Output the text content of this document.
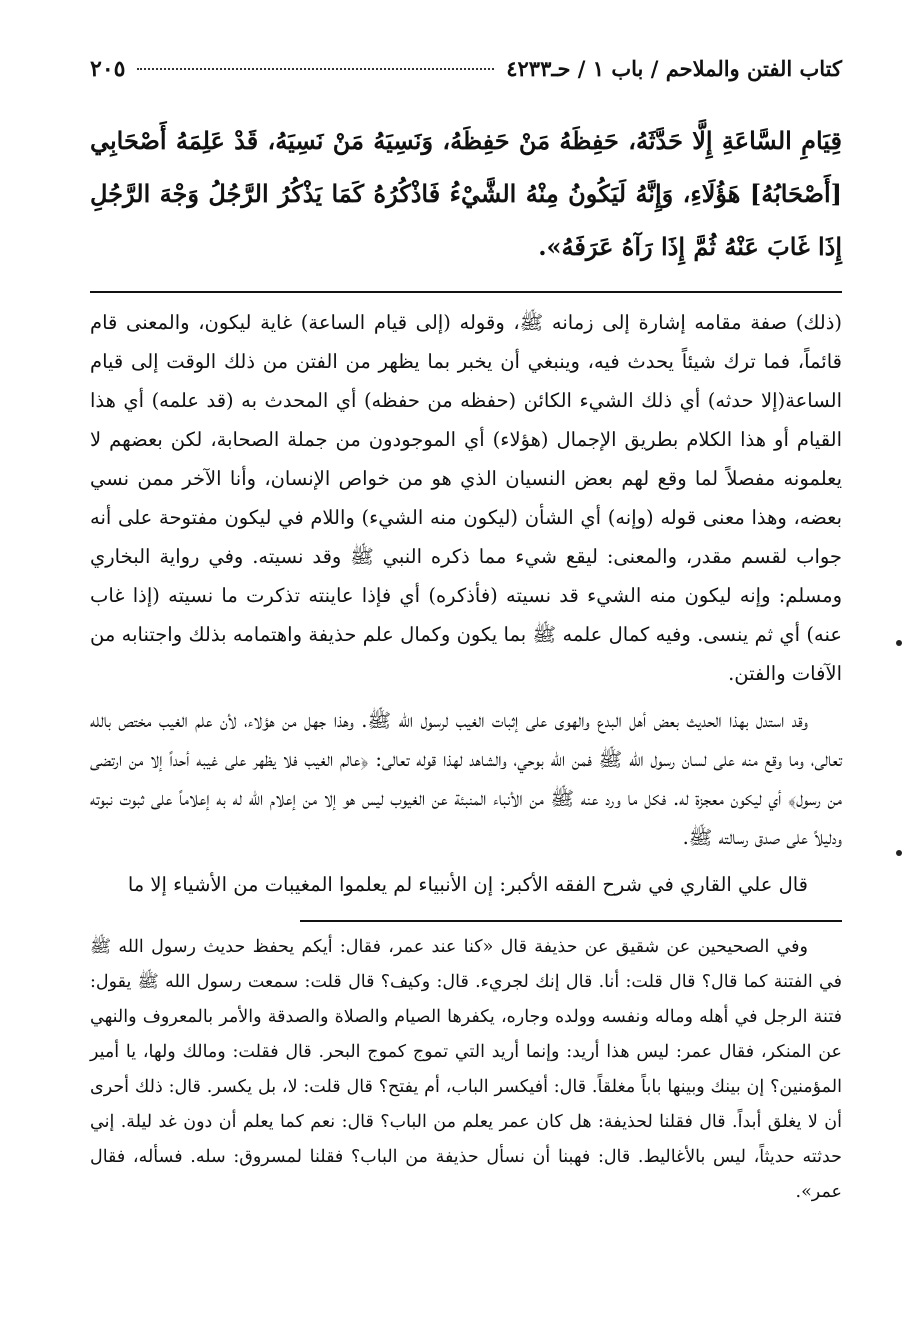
كتاب الفتن والملاحم / باب ١ / حـ٤٢٣٣
٢٠٥
قِيَامِ السَّاعَةِ إِلَّا حَدَّثَهُ، حَفِظَهُ مَنْ حَفِظَهُ، وَنَسِيَهُ مَنْ نَسِيَهُ، قَدْ عَلِمَهُ أَصْحَابِي [أَصْحَابُهُ] هَؤُلَاءِ، وَإِنَّهُ لَيَكُونُ مِنْهُ الشَّيْءُ فَاذْكُرُهُ كَمَا يَذْكُرُ الرَّجُلُ وَجْهَ الرَّجُلِ إِذَا غَابَ عَنْهُ ثُمَّ إِذَا رَآهُ عَرَفَهُ».

(ذلك) صفة مقامه إشارة إلى زمانه ﷺ، وقوله (إلى قيام الساعة) غاية ليكون، والمعنى قام قائماً، فما ترك شيئاً يحدث فيه، وينبغي أن يخبر بما يظهر من الفتن من ذلك الوقت إلى قيام الساعة(إلا حدثه) أي ذلك الشيء الكائن (حفظه من حفظه) أي المحدث به (قد علمه) أي هذا القيام أو هذا الكلام بطريق الإجمال (هؤلاء) أي الموجودون من جملة الصحابة، لكن بعضهم لا يعلمونه مفصلاً لما وقع لهم بعض النسيان الذي هو من خواص الإنسان، وأنا الآخر ممن نسي بعضه، وهذا معنى قوله (وإنه) أي الشأن (ليكون منه الشيء) واللام في ليكون مفتوحة على أنه جواب لقسم مقدر، والمعنى: ليقع شيء مما ذكره النبي ﷺ وقد نسيته. وفي رواية البخاري ومسلم: وإنه ليكون منه الشيء قد نسيته (فأذكره) أي فإذا عاينته تذكرت ما نسيته (إذا غاب عنه) أي ثم ينسى. وفيه كمال علمه ﷺ بما يكون وكمال علم حذيفة واهتمامه بذلك واجتنابه من الآفات والفتن.

وقد استدل بهذا الحديث بعض أهل البدع والهوى على إثبات الغيب لرسول الله ﷺ. وهذا جهل من هؤلاء، لأن علم الغيب مختص بالله تعالى، وما وقع منه على لسان رسول الله ﷺ فمن الله بوحي، والشاهد لهذا قوله تعالى: ﴿عالم الغيب فلا يظهر على غيبه أحداً إلا من ارتضى من رسول﴾ أي ليكون معجزة له. فكل ما ورد عنه ﷺ من الأنباء المنبئة عن الغيوب ليس هو إلا من إعلام الله له به إعلاماً على ثبوت نبوته ودليلاً على صدق رسالته ﷺ.

قال علي القاري في شرح الفقه الأكبر: إن الأنبياء لم يعلموا المغيبات من الأشياء إلا ما

وفي الصحيحين عن شقيق عن حذيفة قال «كنا عند عمر، فقال: أيكم يحفظ حديث رسول الله ﷺ في الفتنة كما قال؟ قال قلت: أنا. قال إنك لجريء. قال: وكيف؟ قال قلت: سمعت رسول الله ﷺ يقول: فتنة الرجل في أهله وماله ونفسه وولده وجاره، يكفرها الصيام والصلاة والصدقة والأمر بالمعروف والنهي عن المنكر، فقال عمر: ليس هذا أريد: وإنما أريد التي تموج كموج البحر. قال فقلت: ومالك ولها، يا أمير المؤمنين؟ إن بينك وبينها باباً مغلقاً. قال: أفيكسر الباب، أم يفتح؟ قال قلت: لا، بل يكسر. قال: ذلك أحرى أن لا يغلق أبداً. قال فقلنا لحذيفة: هل كان عمر يعلم من الباب؟ قال: نعم كما يعلم أن دون غد ليلة. إني حدثته حديثاً، ليس بالأغاليط. قال: فهبنا أن نسأل حذيفة من الباب؟ فقلنا لمسروق: سله. فسأله، فقال عمر».
